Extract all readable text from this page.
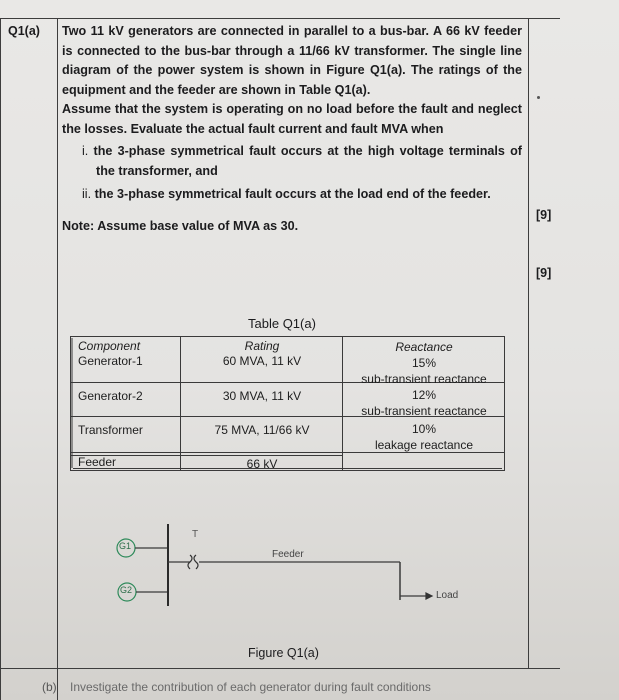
Q1(a) Two 11 kV generators are connected in parallel to a bus-bar. A 66 kV feeder is connected to the bus-bar through a 11/66 kV transformer. The single line diagram of the power system is shown in Figure Q1(a). The ratings of the equipment and the feeder are shown in Table Q1(a).

Assume that the system is operating on no load before the fault and neglect the losses. Evaluate the actual fault current and fault MVA when

i. the 3-phase symmetrical fault occurs at the high voltage terminals of the transformer, and

ii. the 3-phase symmetrical fault occurs at the load end of the feeder.

Note: Assume base value of MVA as 30.

[9]
[9]
Table Q1(a)
Component	Rating	Reactance
Generator-1	60 MVA, 11 kV	15%
sub-transient reactance
Generator-2	30 MVA, 11 kV	12%
sub-transient reactance
Transformer	75 MVA, 11/66 kV	10%
leakage reactance
Feeder	66 kV
G1
G2
T
Feeder
Load
Figure Q1(a)
(b) Investigate the contribution of each generator during fault conditions
